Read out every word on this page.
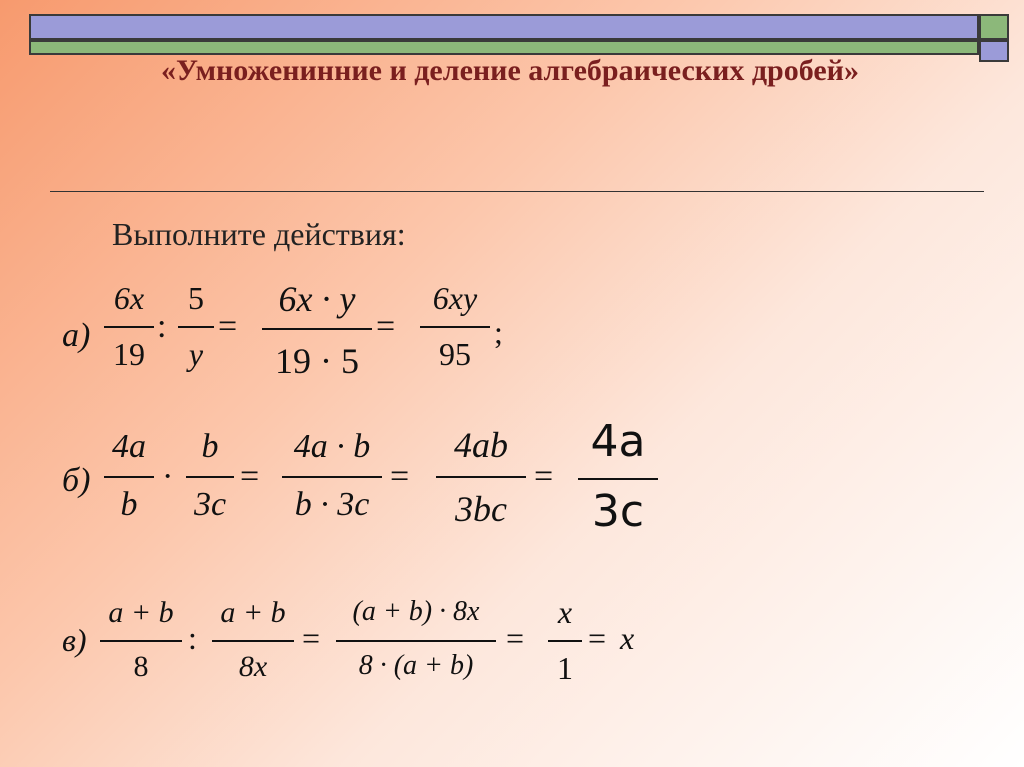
«Умноженинние и деление алгебраических дробей»
Выполните действия:
а)
6x
19
:
5
y
=
6x · y
19 · 5
=
6xy
95
;
б)
4a
b
·
b
3c
=
4a · b
b · 3c
=
4ab
3bc
=
4a
3c
в)
a + b
8
:
a + b
8x
=
(a + b) · 8x
8 · (a + b)
=
x
1
= x
